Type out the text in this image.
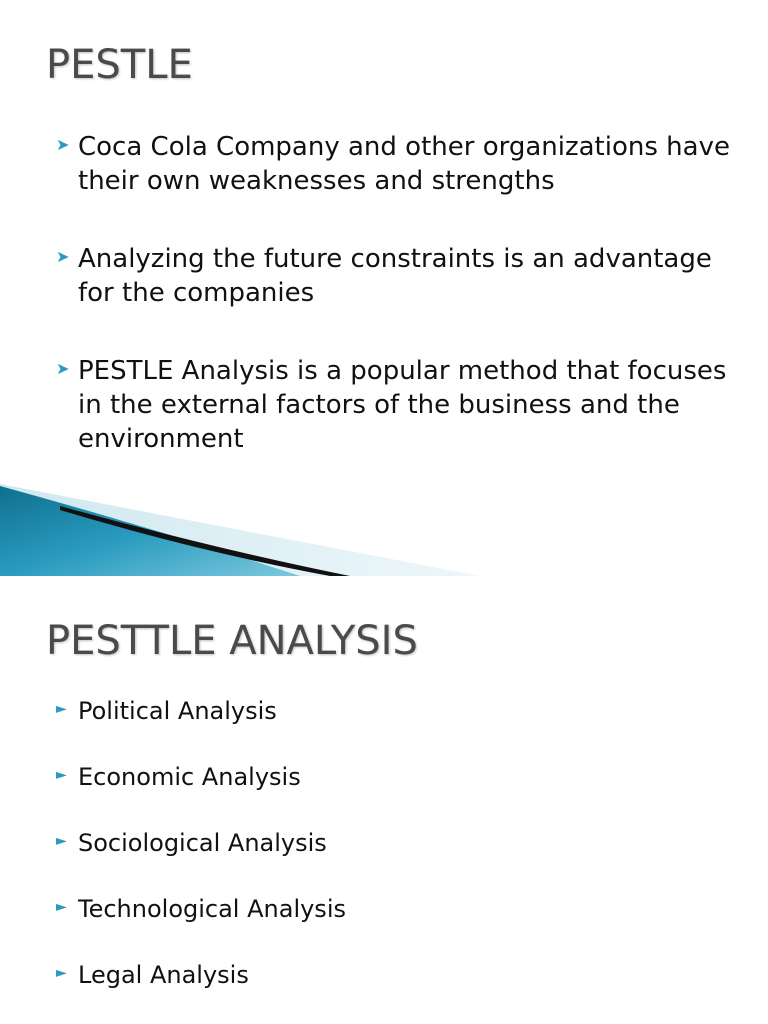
PESTLE
➤ Coca Cola Company and other organizations have their own weaknesses and strengths
➤ Analyzing the future constraints is an advantage for the companies
➤ PESTLE Analysis is a popular method that focuses in the external factors of the business and the environment
PESTTLE ANALYSIS
► Political Analysis
► Economic Analysis
► Sociological Analysis
► Technological Analysis
► Legal Analysis
